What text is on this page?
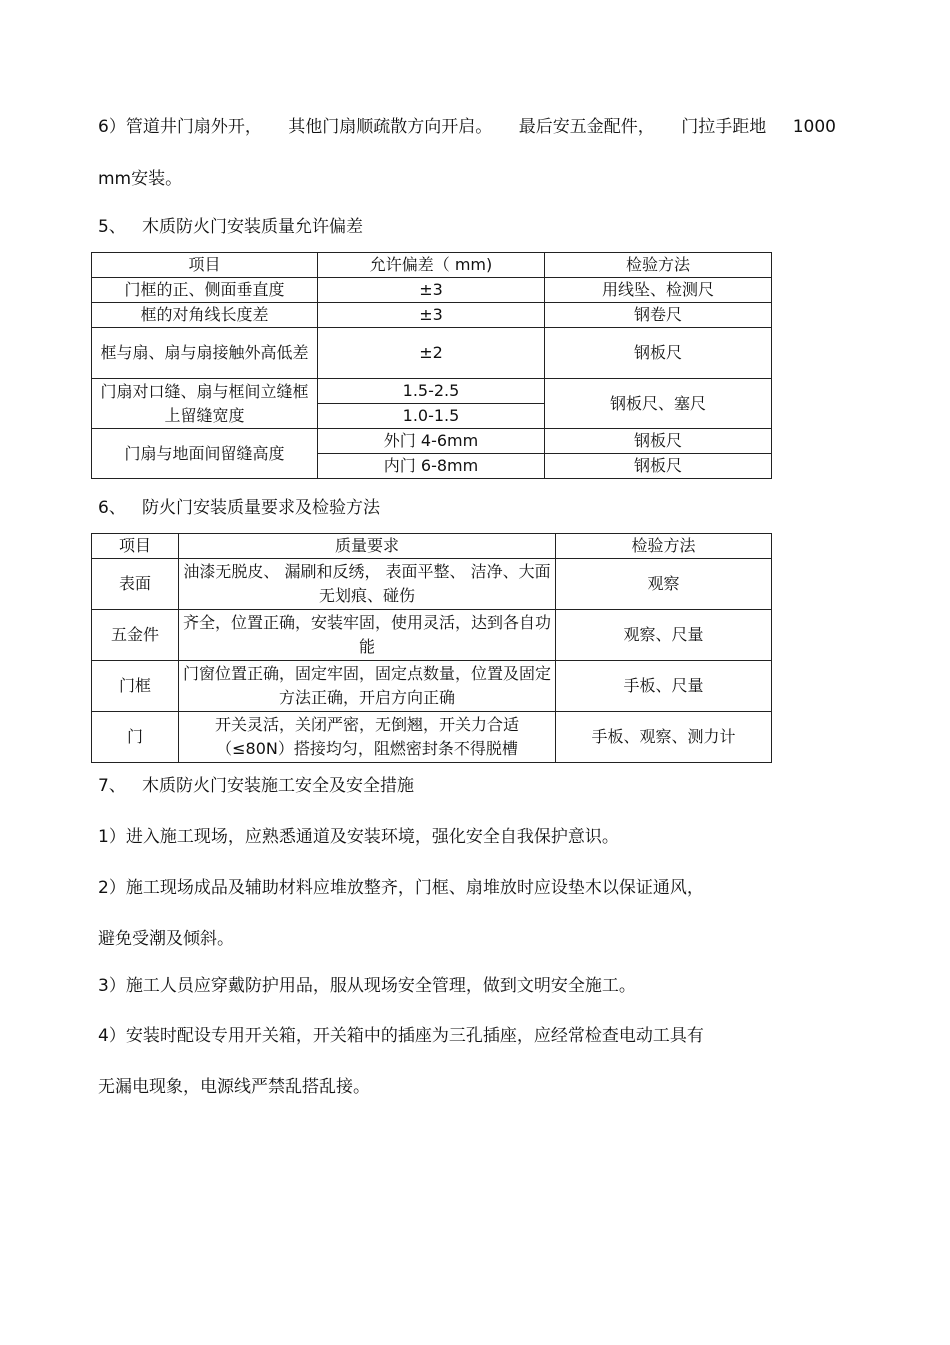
6）管道井门扇外开， 其他门扇顺疏散方向开启。 最后安五金配件， 门拉手距地 1000
mm安装。
5、 木质防火门安装质量允许偏差
项目	允许偏差（ mm)	检验方法
门框的正、侧面垂直度	±3	用线坠、检测尺
框的对角线长度差	±3	钢卷尺
框与扇、扇与扇接触外高低差	±2	钢板尺
门扇对口缝、扇与框间立缝框上留缝宽度	1.5-2.5	钢板尺、塞尺
	1.0-1.5	
门扇与地面间留缝高度	外门 4-6mm	钢板尺
	内门 6-8mm	钢板尺
6、 防火门安装质量要求及检验方法
项目	质量要求	检验方法
表面	油漆无脱皮、 漏刷和反绣， 表面平整、 洁净、大面无划痕、碰伤	观察
五金件	齐全，位置正确，安装牢固，使用灵活，达到各自功能	观察、尺量
门框	门窗位置正确，固定牢固，固定点数量，位置及固定方法正确，开启方向正确	手板、尺量
门	开关灵活，关闭严密，无倒翘，开关力合适（≤80N）搭接均匀，阻燃密封条不得脱槽	手板、观察、测力计
7、 木质防火门安装施工安全及安全措施
1）进入施工现场，应熟悉通道及安装环境，强化安全自我保护意识。
2）施工现场成品及辅助材料应堆放整齐，门框、扇堆放时应设垫木以保证通风，
避免受潮及倾斜。
3）施工人员应穿戴防护用品，服从现场安全管理，做到文明安全施工。
4）安装时配设专用开关箱，开关箱中的插座为三孔插座，应经常检查电动工具有
无漏电现象，电源线严禁乱搭乱接。
